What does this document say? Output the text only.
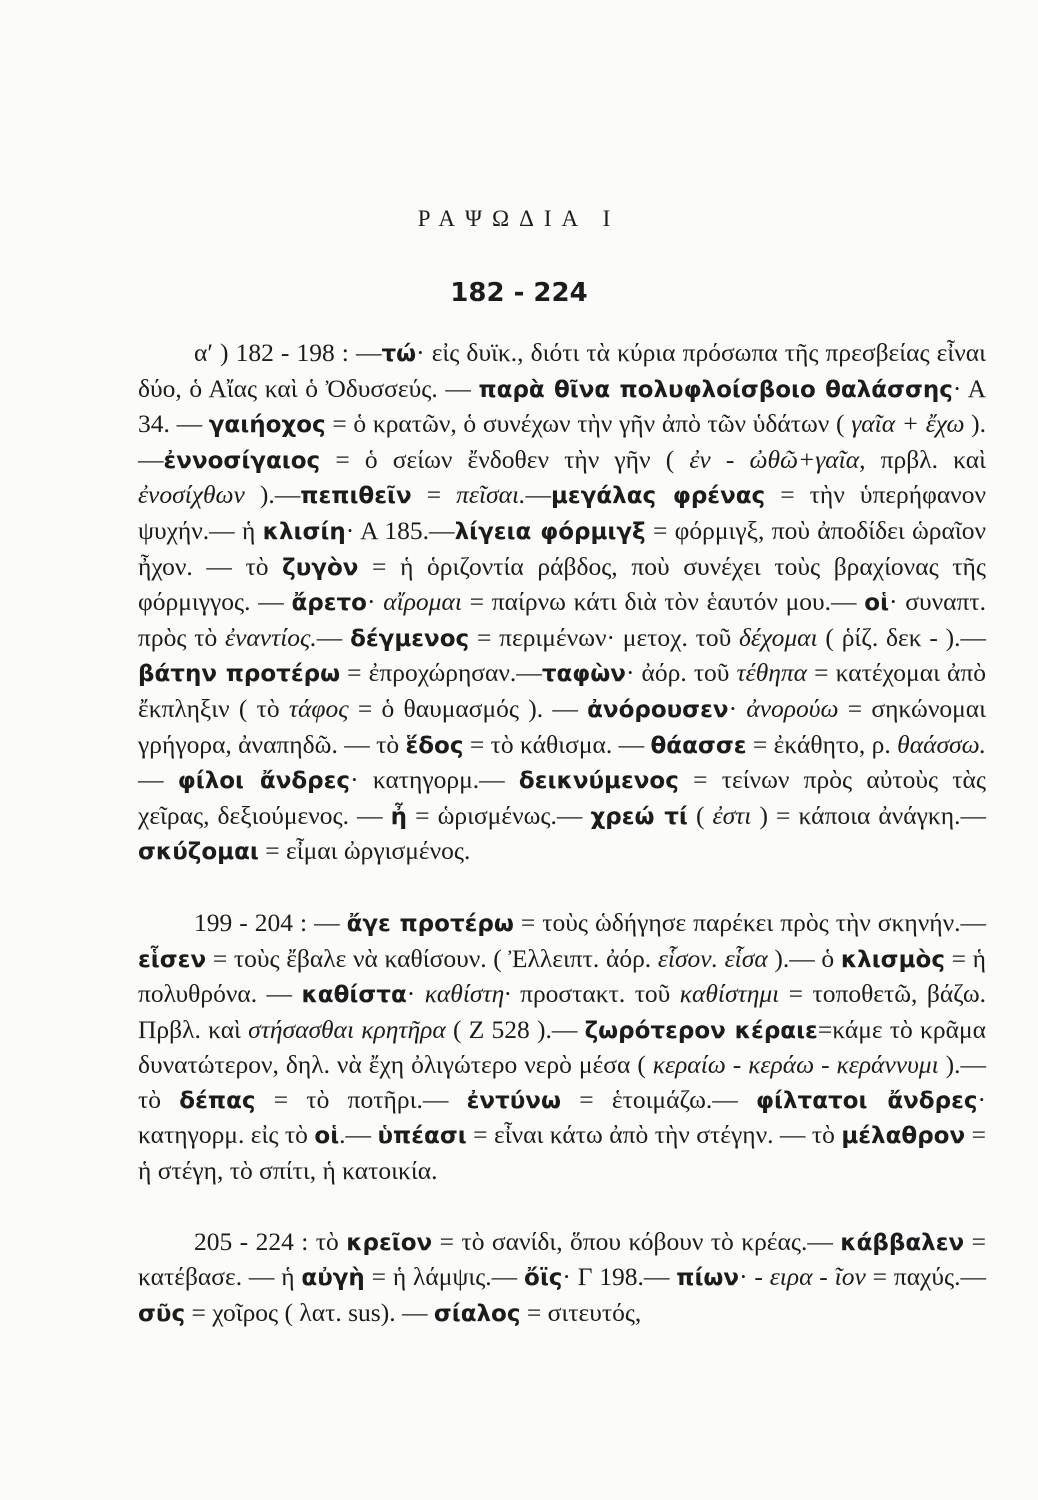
ΡΑΨΩΔΙΑ Ι
182 - 224

α′ ) 182 - 198 : —τώ· εἰς δυϊκ., διότι τὰ κύρια πρόσωπα τῆς πρεσβείας εἶναι δύο, ὁ Αἴας καὶ ὁ Ὀδυσσεύς. — παρὰ θῖνα πολυφλοίσβοιο θαλάσσης· Α 34. — γαιήοχος = ὁ κρατῶν, ὁ συνέχων τὴν γῆν ἀπὸ τῶν ὑδάτων ( γαῖα + ἔχω ).—ἐννοσίγαιος = ὁ σείων ἔνδοθεν τὴν γῆν ( ἐν - ὠθῶ+γαῖα, πρβλ. καὶ ἐνοσίχθων ).—πεπιθεῖν = πεῖσαι.—μεγάλας φρένας = τὴν ὑπερήφανον ψυχήν.— ἡ κλισίη· Α 185.—λίγεια φόρμιγξ = φόρμιγξ, ποὺ ἀποδίδει ὡραῖον ἦχον. — τὸ ζυγὸν = ἡ ὁριζοντία ράβδος, ποὺ συνέχει τοὺς βραχίονας τῆς φόρμιγγος. — ἄρετο· αἴρομαι = παίρνω κάτι διὰ τὸν ἑαυτόν μου.— οἱ· συναπτ. πρὸς τὸ ἐναντίος.— δέγμενος = περιμένων· μετοχ. τοῦ δέχομαι ( ῥίζ. δεκ - ).— βάτην προτέρω = ἐπροχώρησαν.—ταφὼν· ἀόρ. τοῦ τέθηπα = κατέχομαι ἀπὸ ἔκπληξιν ( τὸ τάφος = ὁ θαυμασμός ). — ἀνόρουσεν· ἀνορούω = σηκώνομαι γρήγορα, ἀναπηδῶ. — τὸ ἕδος = τὸ κάθισμα. — θάασσε = ἐκάθητο, ρ. θαάσσω.— φίλοι ἄνδρες· κατηγορμ.— δεικνύμενος = τείνων πρὸς αὐτοὺς τὰς χεῖρας, δεξιούμενος. — ἦ = ὡρισμένως.— χρεώ τί ( ἐστι ) = κάποια ἀνάγκη.— σκύζομαι = εἶμαι ὠργισμένος.

199 - 204 : — ἄγε προτέρω = τοὺς ὡδήγησε παρέκει πρὸς τὴν σκηνήν.— εἷσεν = τοὺς ἔβαλε νὰ καθίσουν. ( Ἐλλειπτ. ἀόρ. εἷσον. εἷσα ).— ὁ κλισμὸς = ἡ πολυθρόνα. — καθίστα· καθίστη· προστακτ. τοῦ καθίστημι = τοποθετῶ, βάζω. Πρβλ. καὶ στήσασθαι κρητῆρα ( Ζ 528 ).— ζωρότερον κέραιε=κάμε τὸ κρᾶμα δυνατώτερον, δηλ. νὰ ἔχη ὀλιγώτερο νερὸ μέσα ( κεραίω - κεράω - κεράννυμι ).— τὸ δέπας = τὸ ποτῆρι.— ἐντύνω = ἑτοιμάζω.— φίλτατοι ἄνδρες· κατηγορμ. εἰς τὸ οἱ.— ὑπέασι = εἶναι κάτω ἀπὸ τὴν στέγην. — τὸ μέλαθρον = ἡ στέγη, τὸ σπίτι, ἡ κατοικία.

205 - 224 : τὸ κρεῖον = τὸ σανίδι, ὅπου κόβουν τὸ κρέας.— κάββαλεν = κατέβασε. — ἡ αὐγὴ = ἡ λάμψις.— ὄϊς· Γ 198.— πίων· - ειρα - ῖον = παχύς.— σῦς = χοῖρος ( λατ. sus). — σίαλος = σιτευτός,
